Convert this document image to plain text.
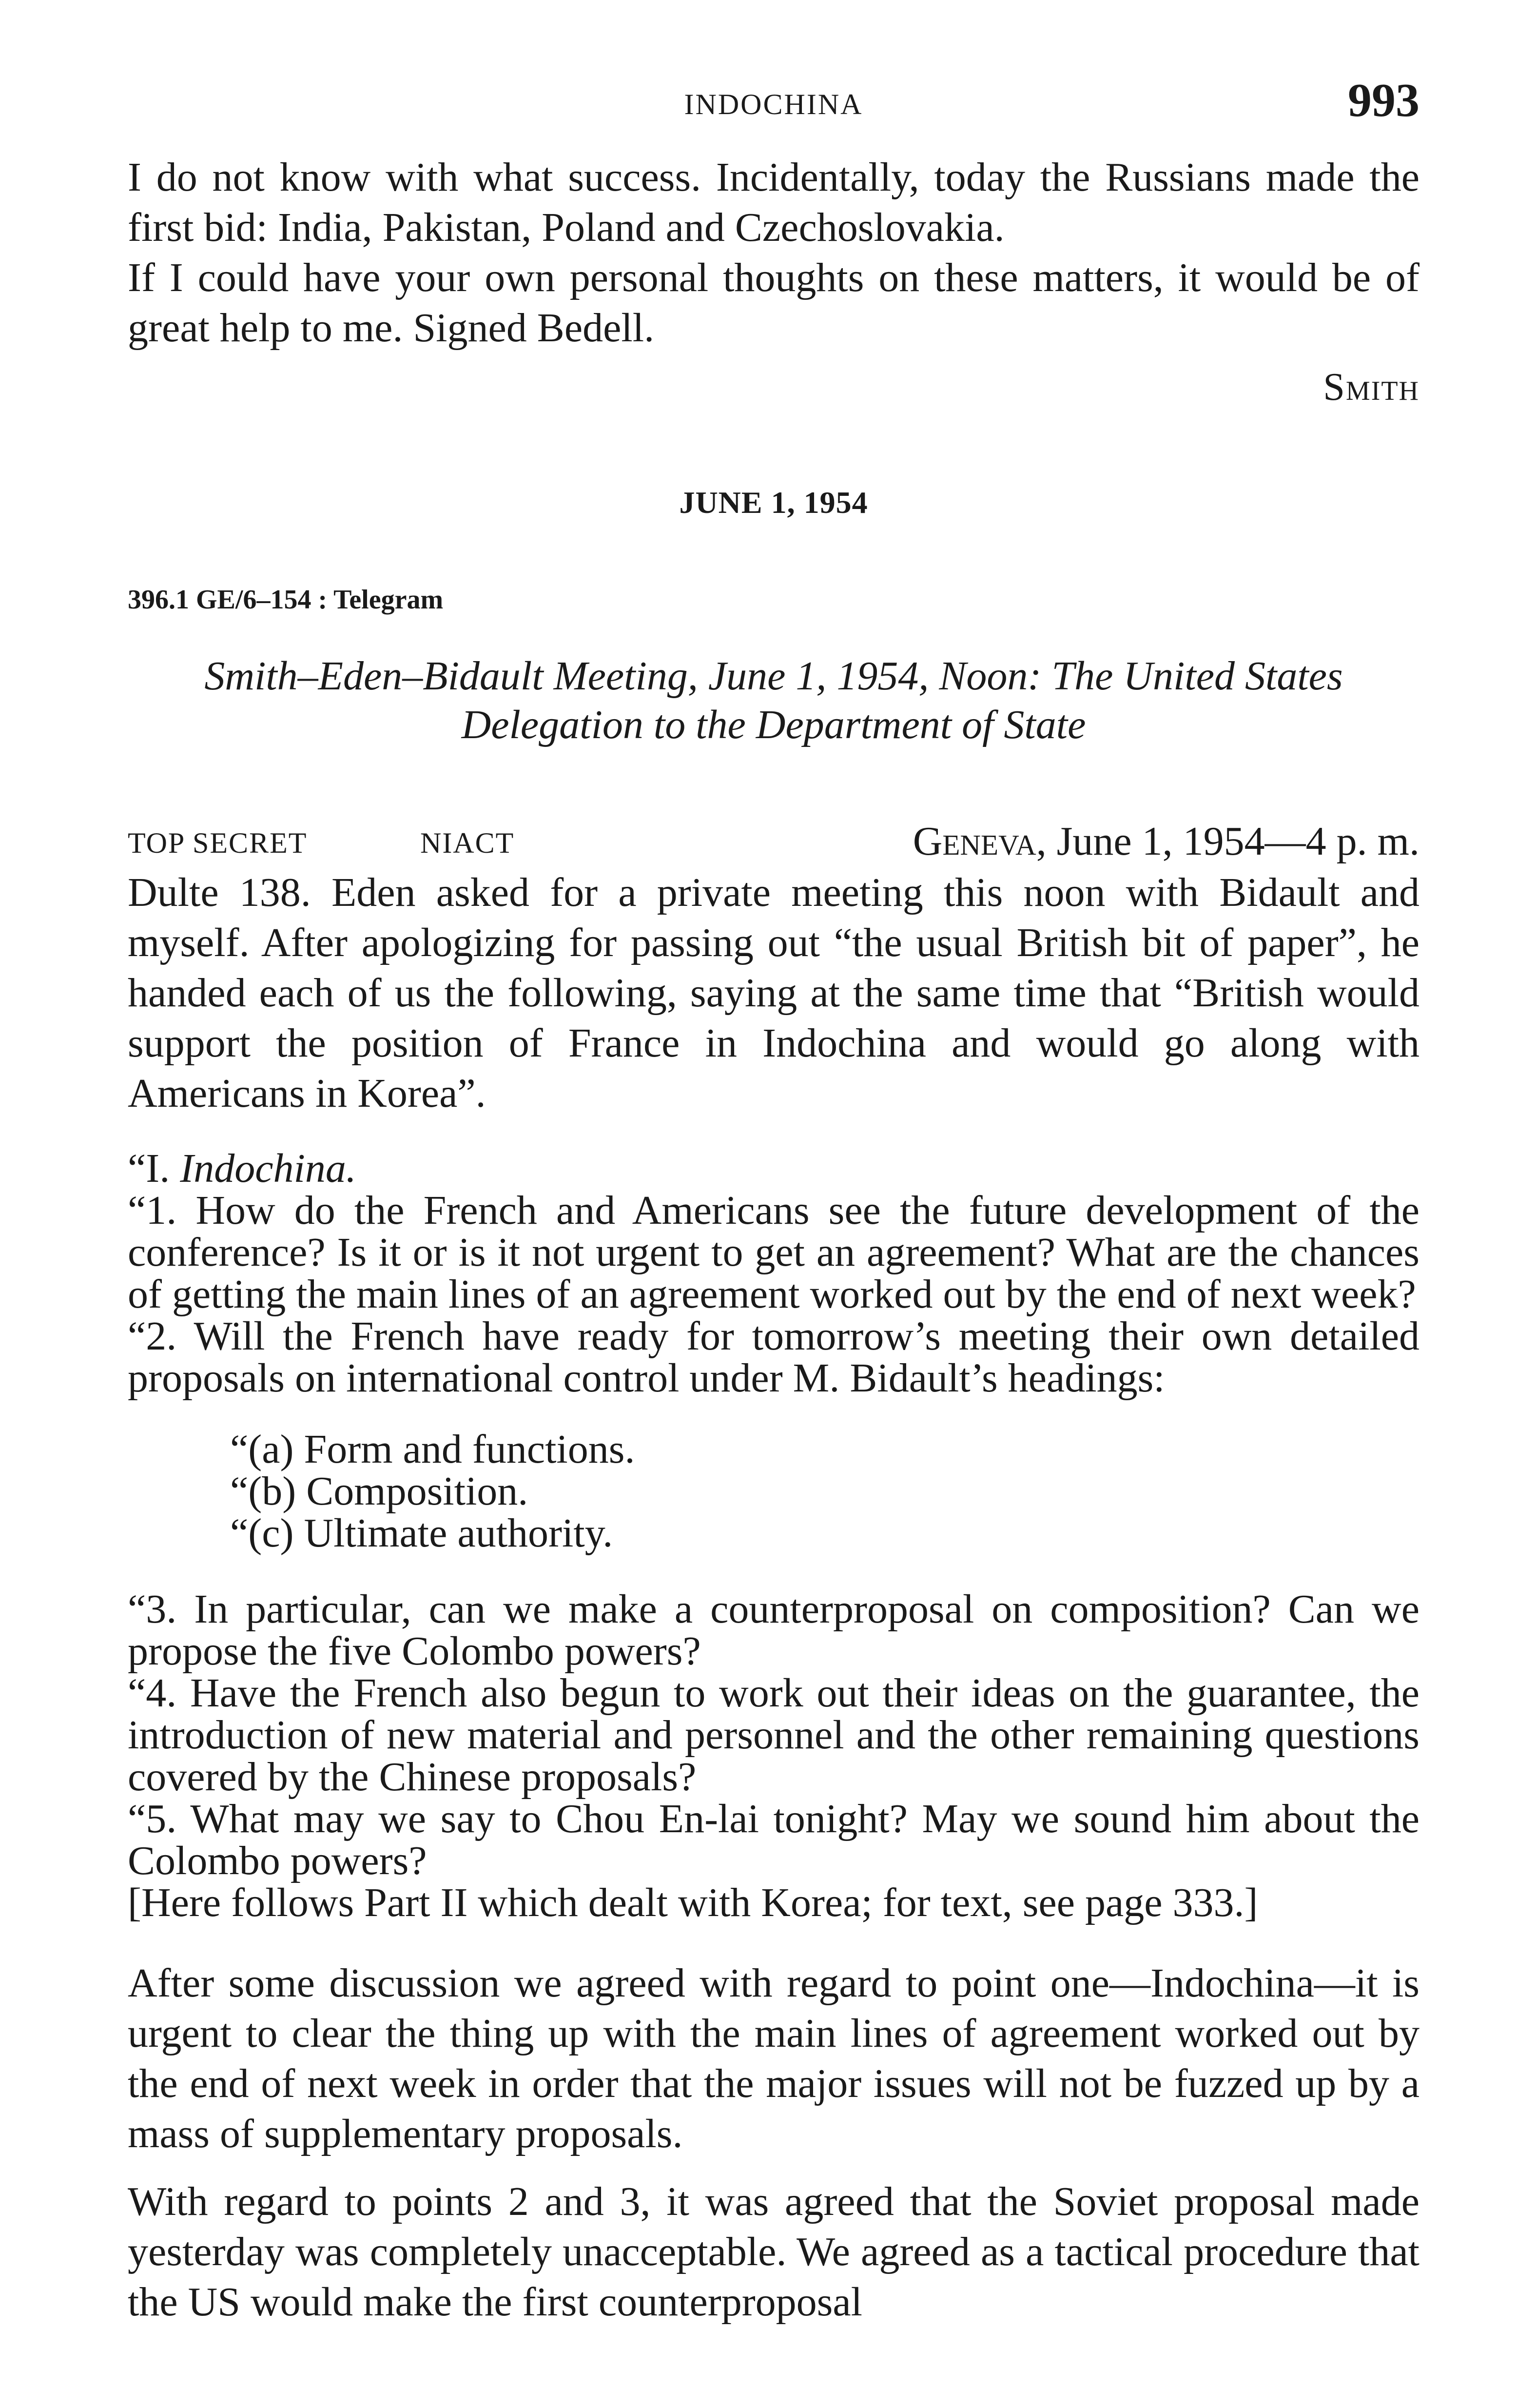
INDOCHINA	993

I do not know with what success. Incidentally, today the Russians made the first bid: India, Pakistan, Poland and Czechoslovakia.

If I could have your own personal thoughts on these matters, it would be of great help to me. Signed Bedell.

Smith
JUNE 1, 1954
396.1 GE/6–154 : Telegram
Smith–Eden–Bidault Meeting, June 1, 1954, Noon: The United States
Delegation to the Department of State
TOP SECRET	NIACT	Geneva, June 1, 1954—4 p. m.

Dulte 138. Eden asked for a private meeting this noon with Bidault and myself. After apologizing for passing out “the usual British bit of paper”, he handed each of us the following, saying at the same time that “British would support the position of France in Indochina and would go along with Americans in Korea”.

“I. Indochina.

“1. How do the French and Americans see the future development of the conference? Is it or is it not urgent to get an agreement? What are the chances of getting the main lines of an agreement worked out by the end of next week?

“2. Will the French have ready for tomorrow’s meeting their own detailed proposals on international control under M. Bidault’s headings:

“(a) Form and functions.

“(b) Composition.

“(c) Ultimate authority.

“3. In particular, can we make a counterproposal on composition? Can we propose the five Colombo powers?

“4. Have the French also begun to work out their ideas on the guarantee, the introduction of new material and personnel and the other remaining questions covered by the Chinese proposals?

“5. What may we say to Chou En-lai tonight? May we sound him about the Colombo powers?

[Here follows Part II which dealt with Korea; for text, see page 333.]

After some discussion we agreed with regard to point one—Indochina—it is urgent to clear the thing up with the main lines of agreement worked out by the end of next week in order that the major issues will not be fuzzed up by a mass of supplementary proposals.

With regard to points 2 and 3, it was agreed that the Soviet proposal made yesterday was completely unacceptable. We agreed as a tactical procedure that the US would make the first counterproposal
